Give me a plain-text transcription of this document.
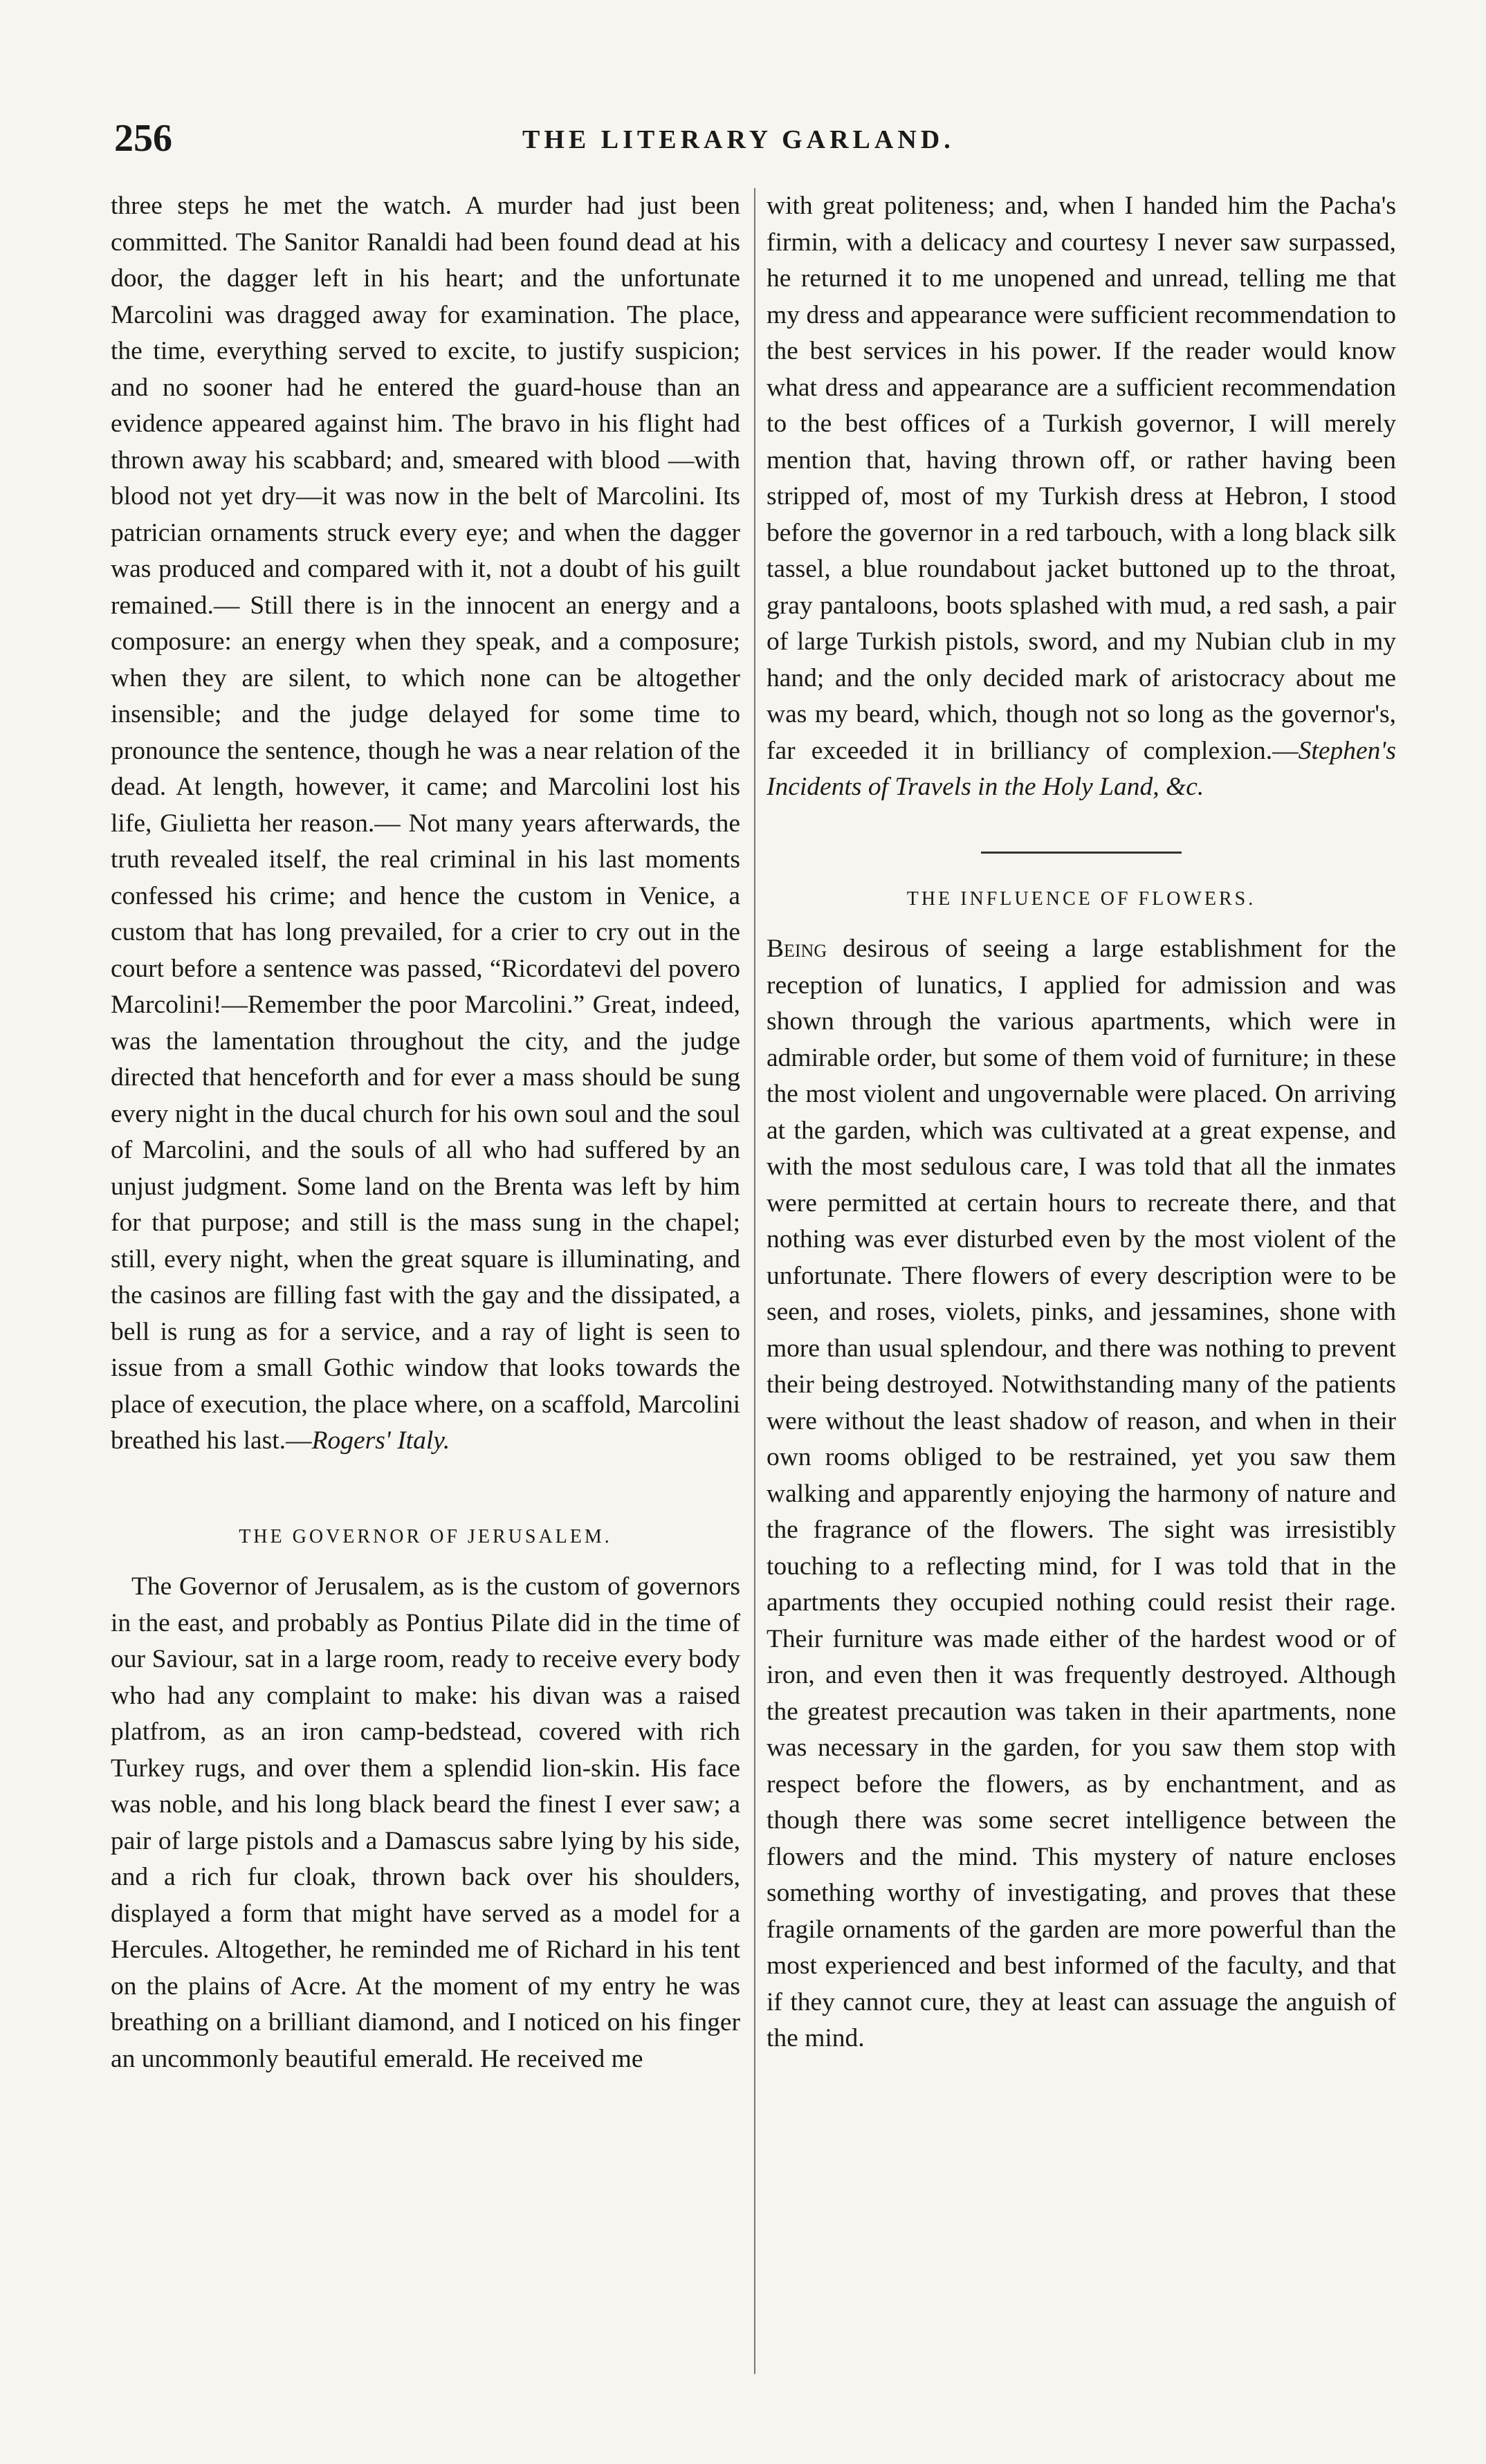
256	THE LITERARY GARLAND.

three steps he met the watch. A murder had just been committed. The Sanitor Ranaldi had been found dead at his door, the dagger left in his heart; and the unfortunate Marcolini was dragged away for examination. The place, the time, everything served to excite, to justify suspicion; and no sooner had he entered the guard-house than an evidence appeared against him. The bravo in his flight had thrown away his scabbard; and, smeared with blood —with blood not yet dry—it was now in the belt of Marcolini. Its patrician ornaments struck every eye; and when the dagger was produced and compared with it, not a doubt of his guilt remained.— Still there is in the innocent an energy and a composure: an energy when they speak, and a composure; when they are silent, to which none can be altogether insensible; and the judge delayed for some time to pronounce the sentence, though he was a near relation of the dead. At length, however, it came; and Marcolini lost his life, Giulietta her reason.— Not many years afterwards, the truth revealed itself, the real criminal in his last moments confessed his crime; and hence the custom in Venice, a custom that has long prevailed, for a crier to cry out in the court before a sentence was passed, “Ricordatevi del povero Marcolini!—Remember the poor Marcolini.” Great, indeed, was the lamentation throughout the city, and the judge directed that henceforth and for ever a mass should be sung every night in the ducal church for his own soul and the soul of Marcolini, and the souls of all who had suffered by an unjust judgment. Some land on the Brenta was left by him for that purpose; and still is the mass sung in the chapel; still, every night, when the great square is illuminating, and the casinos are filling fast with the gay and the dissipated, a bell is rung as for a service, and a ray of light is seen to issue from a small Gothic window that looks towards the place of execution, the place where, on a scaffold, Marcolini breathed his last.—Rogers' Italy.

THE GOVERNOR OF JERUSALEM.

The Governor of Jerusalem, as is the custom of governors in the east, and probably as Pontius Pilate did in the time of our Saviour, sat in a large room, ready to receive every body who had any complaint to make: his divan was a raised platfrom, as an iron camp-bedstead, covered with rich Turkey rugs, and over them a splendid lion-skin. His face was noble, and his long black beard the finest I ever saw; a pair of large pistols and a Damascus sabre lying by his side, and a rich fur cloak, thrown back over his shoulders, displayed a form that might have served as a model for a Hercules. Altogether, he reminded me of Richard in his tent on the plains of Acre. At the moment of my entry he was breathing on a brilliant diamond, and I noticed on his finger an uncommonly beautiful emerald. He received me

with great politeness; and, when I handed him the Pacha's firmin, with a delicacy and courtesy I never saw surpassed, he returned it to me unopened and unread, telling me that my dress and appearance were sufficient recommendation to the best services in his power. If the reader would know what dress and appearance are a sufficient recommendation to the best offices of a Turkish governor, I will merely mention that, having thrown off, or rather having been stripped of, most of my Turkish dress at Hebron, I stood before the governor in a red tarbouch, with a long black silk tassel, a blue roundabout jacket buttoned up to the throat, gray pantaloons, boots splashed with mud, a red sash, a pair of large Turkish pistols, sword, and my Nubian club in my hand; and the only decided mark of aristocracy about me was my beard, which, though not so long as the governor's, far exceeded it in brilliancy of complexion.—Stephen's Incidents of Travels in the Holy Land, &c.

THE INFLUENCE OF FLOWERS.

Being desirous of seeing a large establishment for the reception of lunatics, I applied for admission and was shown through the various apartments, which were in admirable order, but some of them void of furniture; in these the most violent and ungovernable were placed. On arriving at the garden, which was cultivated at a great expense, and with the most sedulous care, I was told that all the inmates were permitted at certain hours to recreate there, and that nothing was ever disturbed even by the most violent of the unfortunate. There flowers of every description were to be seen, and roses, violets, pinks, and jessamines, shone with more than usual splendour, and there was nothing to prevent their being destroyed. Notwithstanding many of the patients were without the least shadow of reason, and when in their own rooms obliged to be restrained, yet you saw them walking and apparently enjoying the harmony of nature and the fragrance of the flowers. The sight was irresistibly touching to a reflecting mind, for I was told that in the apartments they occupied nothing could resist their rage. Their furniture was made either of the hardest wood or of iron, and even then it was frequently destroyed. Although the greatest precaution was taken in their apartments, none was necessary in the garden, for you saw them stop with respect before the flowers, as by enchantment, and as though there was some secret intelligence between the flowers and the mind. This mystery of nature encloses something worthy of investigating, and proves that these fragile ornaments of the garden are more powerful than the most experienced and best informed of the faculty, and that if they cannot cure, they at least can assuage the anguish of the mind.
